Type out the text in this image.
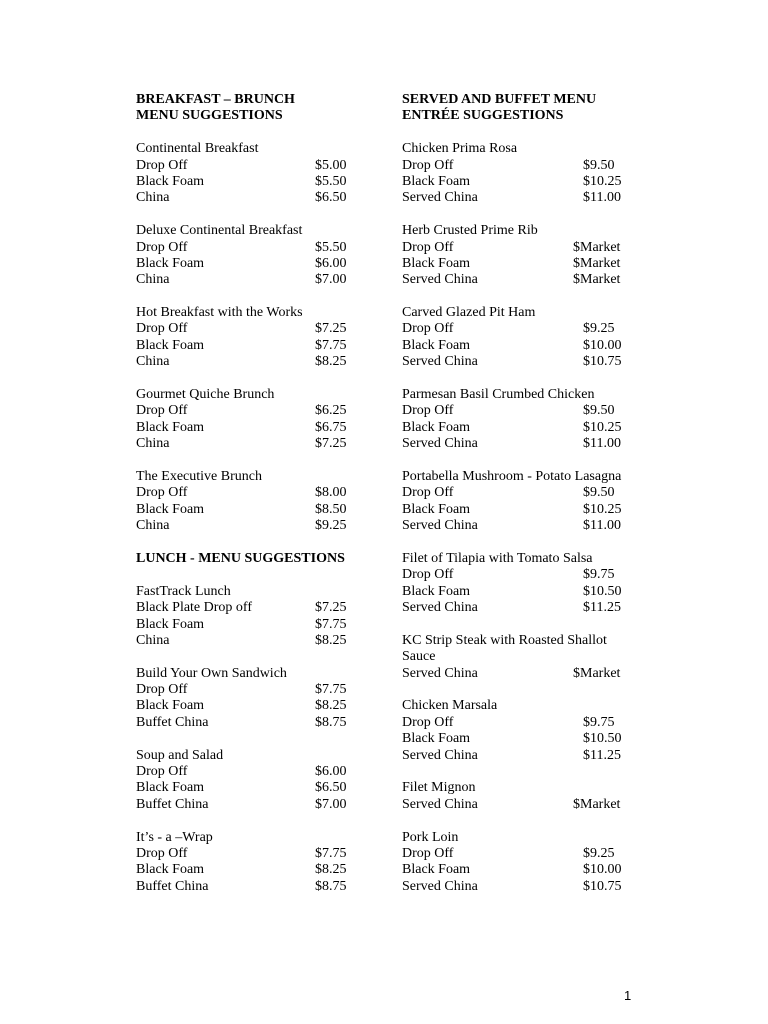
BREAKFAST – BRUNCH
MENU SUGGESTIONS
Continental Breakfast
Drop Off	$5.00
Black Foam	$5.50
China	$6.50
Deluxe Continental Breakfast
Drop Off	$5.50
Black Foam	$6.00
China	$7.00
Hot Breakfast with the Works
Drop Off	$7.25
Black Foam	$7.75
China	$8.25
Gourmet Quiche Brunch
Drop Off	$6.25
Black Foam	$6.75
China	$7.25
The Executive Brunch
Drop Off	$8.00
Black Foam	$8.50
China	$9.25
LUNCH - MENU SUGGESTIONS
FastTrack Lunch
Black Plate Drop off	$7.25
Black Foam	$7.75
China	$8.25
Build Your Own Sandwich
Drop Off	$7.75
Black Foam	$8.25
Buffet China	$8.75
Soup and Salad
Drop Off	$6.00
Black Foam	$6.50
Buffet China	$7.00
It’s - a –Wrap
Drop Off	$7.75
Black Foam	$8.25
Buffet China	$8.75
SERVED AND BUFFET MENU
ENTRÉE SUGGESTIONS
Chicken Prima Rosa
Drop Off	$9.50
Black Foam	$10.25
Served China	$11.00
Herb Crusted Prime Rib
Drop Off	$Market
Black Foam	$Market
Served China	$Market
Carved Glazed Pit Ham
Drop Off	$9.25
Black Foam	$10.00
Served China	$10.75
Parmesan Basil Crumbed Chicken
Drop Off	$9.50
Black Foam	$10.25
Served China	$11.00
Portabella Mushroom - Potato Lasagna
Drop Off	$9.50
Black Foam	$10.25
Served China	$11.00
Filet of Tilapia with Tomato Salsa
Drop Off	$9.75
Black Foam	$10.50
Served China	$11.25
KC Strip Steak with Roasted Shallot
Sauce
Served China	$Market
Chicken Marsala
Drop Off	$9.75
Black Foam	$10.50
Served China	$11.25
Filet Mignon
Served China	$Market
Pork Loin
Drop Off	$9.25
Black Foam	$10.00
Served China	$10.75
1
